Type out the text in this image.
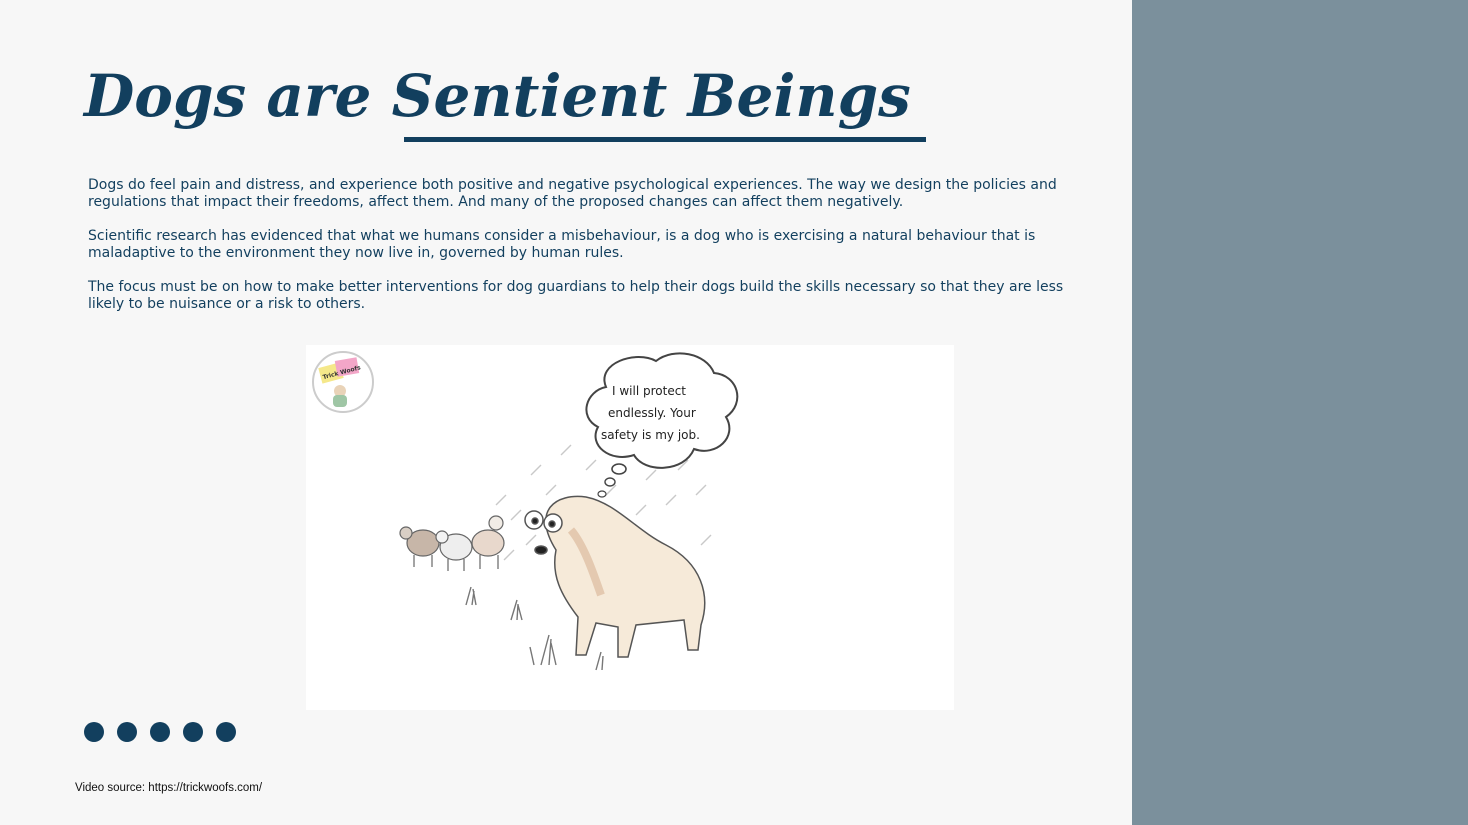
Dogs are Sentient Beings

Dogs do feel pain and distress, and experience both positive and negative psychological experiences. The way we design the policies and regulations that impact their freedoms, affect them. And many of the proposed changes can affect them negatively.

Scientific research has evidenced that what we humans consider a misbehaviour, is a dog who is exercising a natural behaviour that is maladaptive to the environment they now live in, governed by human rules.

The focus must be on how to make better interventions for dog guardians to help their dogs build the skills necessary so that they are less likely to be nuisance or a risk to others.

Trick Woofs
I will protect
endlessly. Your
safety is my job.
Video source: https://trickwoofs.com/
